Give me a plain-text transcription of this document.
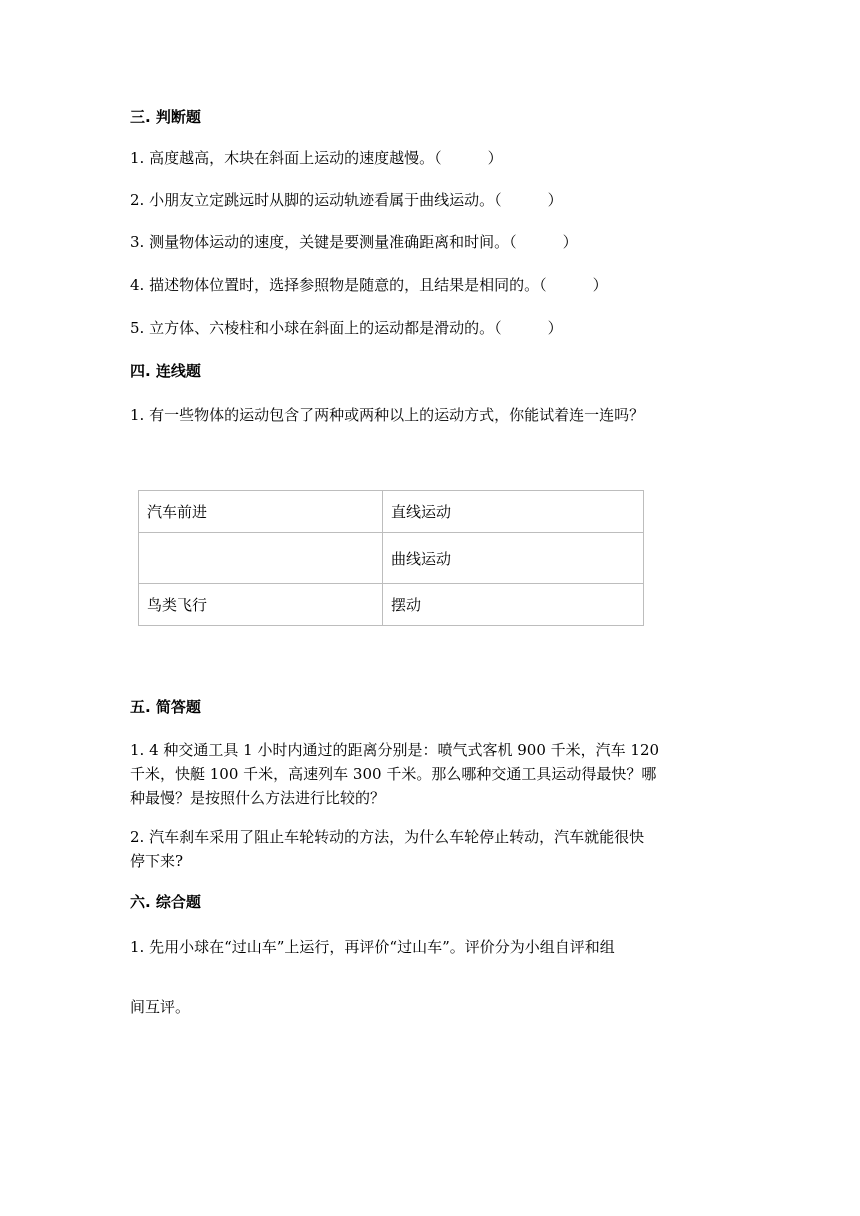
三. 判断题
1. 高度越高，木块在斜面上运动的速度越慢。（	）
2. 小朋友立定跳远时从脚的运动轨迹看属于曲线运动。（	）
3. 测量物体运动的速度，关键是要测量准确距离和时间。（	）
4. 描述物体位置时，选择参照物是随意的，且结果是相同的。（	）
5. 立方体、六棱柱和小球在斜面上的运动都是滑动的。（	）
四. 连线题
1. 有一些物体的运动包含了两种或两种以上的运动方式，你能试着连一连吗？
汽车前进	直线运动
	曲线运动
鸟类飞行	摆动
五. 简答题
1. 4 种交通工具 1 小时内通过的距离分别是：喷气式客机 900 千米，汽车 120
千米，快艇 100 千米，高速列车 300 千米。那么哪种交通工具运动得最快？哪
种最慢？是按照什么方法进行比较的？
2. 汽车刹车采用了阻止车轮转动的方法，为什么车轮停止转动，汽车就能很快
停下来?
六. 综合题
1. 先用小球在“过山车”上运行，再评价“过山车”。评价分为小组自评和组
间互评。
